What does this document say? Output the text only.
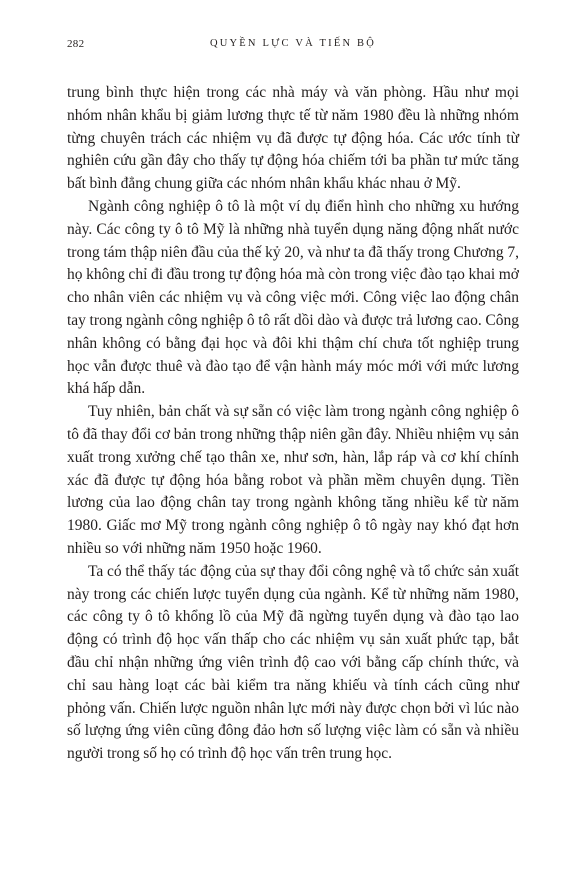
282	QUYỀN LỰC VÀ TIẾN BỘ

trung bình thực hiện trong các nhà máy và văn phòng. Hầu như mọi nhóm nhân khẩu bị giảm lương thực tế từ năm 1980 đều là những nhóm từng chuyên trách các nhiệm vụ đã được tự động hóa. Các ước tính từ nghiên cứu gần đây cho thấy tự động hóa chiếm tới ba phần tư mức tăng bất bình đẳng chung giữa các nhóm nhân khẩu khác nhau ở Mỹ.

Ngành công nghiệp ô tô là một ví dụ điển hình cho những xu hướng này. Các công ty ô tô Mỹ là những nhà tuyển dụng năng động nhất nước trong tám thập niên đầu của thế kỷ 20, và như ta đã thấy trong Chương 7, họ không chỉ đi đầu trong tự động hóa mà còn trong việc đào tạo khai mở cho nhân viên các nhiệm vụ và công việc mới. Công việc lao động chân tay trong ngành công nghiệp ô tô rất dồi dào và được trả lương cao. Công nhân không có bằng đại học và đôi khi thậm chí chưa tốt nghiệp trung học vẫn được thuê và đào tạo để vận hành máy móc mới với mức lương khá hấp dẫn.

Tuy nhiên, bản chất và sự sẵn có việc làm trong ngành công nghiệp ô tô đã thay đổi cơ bản trong những thập niên gần đây. Nhiều nhiệm vụ sản xuất trong xưởng chế tạo thân xe, như sơn, hàn, lắp ráp và cơ khí chính xác đã được tự động hóa bằng robot và phần mềm chuyên dụng. Tiền lương của lao động chân tay trong ngành không tăng nhiều kể từ năm 1980. Giấc mơ Mỹ trong ngành công nghiệp ô tô ngày nay khó đạt hơn nhiều so với những năm 1950 hoặc 1960.

Ta có thể thấy tác động của sự thay đổi công nghệ và tổ chức sản xuất này trong các chiến lược tuyển dụng của ngành. Kể từ những năm 1980, các công ty ô tô khổng lồ của Mỹ đã ngừng tuyển dụng và đào tạo lao động có trình độ học vấn thấp cho các nhiệm vụ sản xuất phức tạp, bắt đầu chỉ nhận những ứng viên trình độ cao với bằng cấp chính thức, và chỉ sau hàng loạt các bài kiểm tra năng khiếu và tính cách cũng như phỏng vấn. Chiến lược nguồn nhân lực mới này được chọn bởi vì lúc nào số lượng ứng viên cũng đông đảo hơn số lượng việc làm có sẵn và nhiều người trong số họ có trình độ học vấn trên trung học.
